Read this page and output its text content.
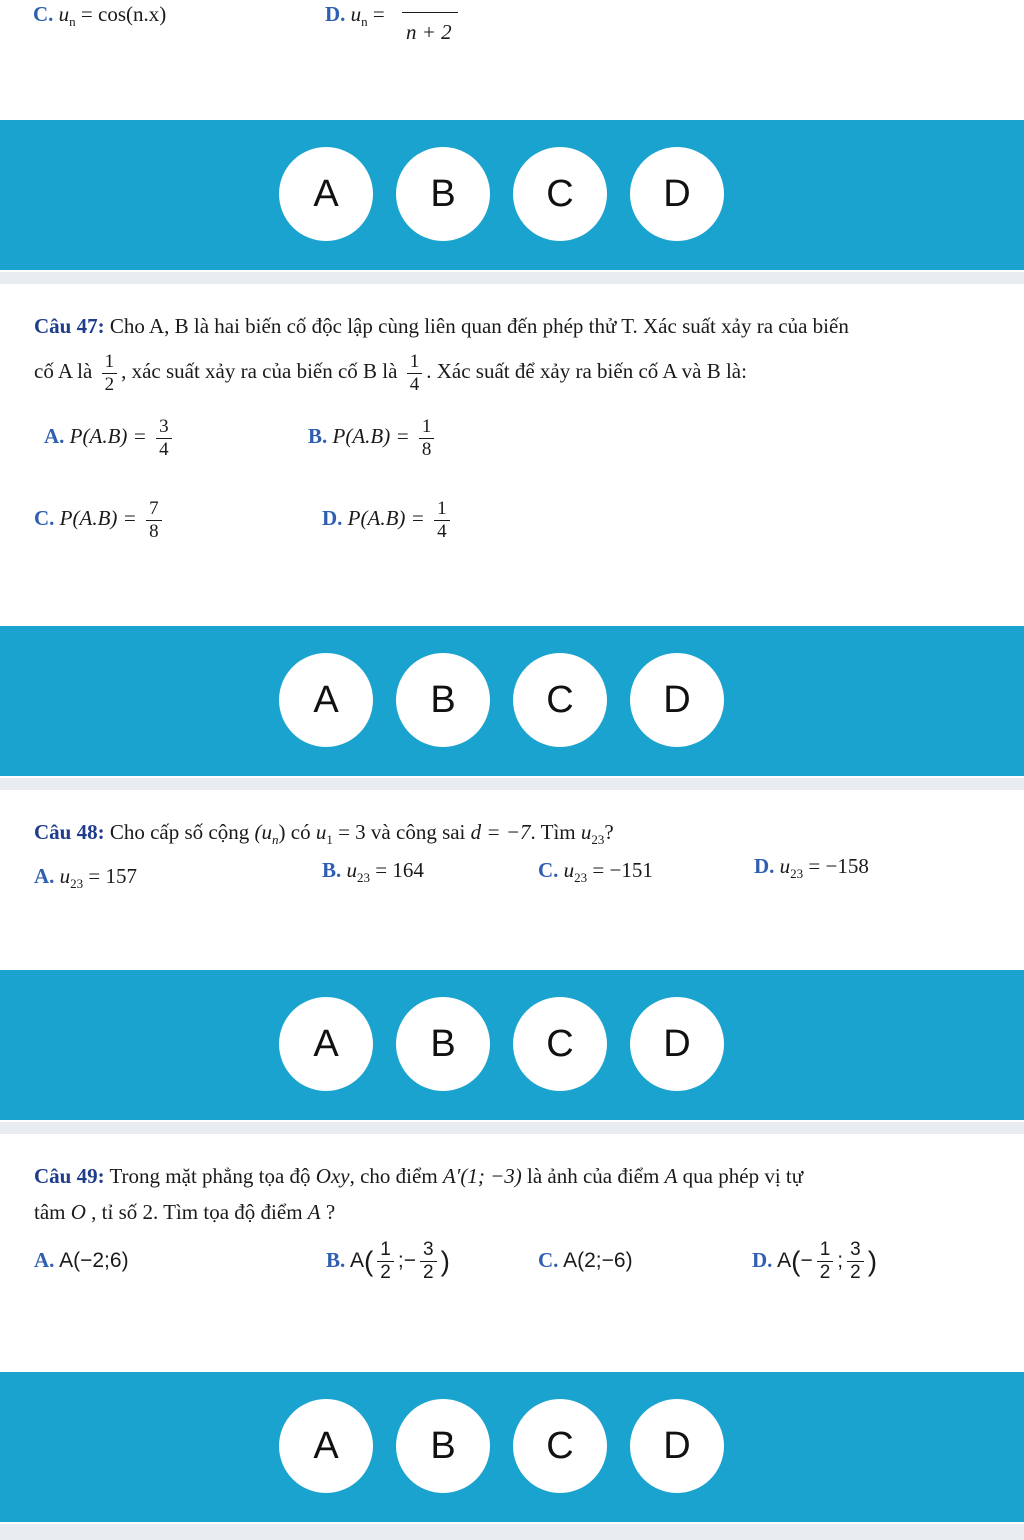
C. $u_n = \cos(n.x)$	D. $u_n$ =
n + 2
A	B	C	D
Câu 47: Cho A, B là hai biến cố độc lập cùng liên quan đến phép thử T. Xác suất xảy ra của biến
cố A là $\frac{1}{2}$ , xác suất xảy ra của biến cố B là $\frac{1}{4}$ . Xác suất để xảy ra biến cố A và B là:
A. $P(A.B) = \frac{3}{4}$	B. $P(A.B) = \frac{1}{8}$
C. $P(A.B) = \frac{7}{8}$	D. $P(A.B) = \frac{1}{4}$
A	B	C	D
Câu 48: Cho cấp số cộng $(u_n)$ có $u_1 = 3$ và công sai d = −7. Tìm $u_{23}$?
A. $u_{23} = 157$	B. $u_{23} = 164$	C. $u_{23} = -151$	D. $u_{23} = -158$
A	B	C	D
Câu 49: Trong mặt phẳng tọa độ Oxy, cho điểm A′(1; −3) là ảnh của điểm A qua phép vị tự
tâm O , tỉ số 2. Tìm tọa độ điểm A ?
A. A(−2;6)	B. $A( \frac{1}{2}$ ;− $\frac{3}{2}$ )	C. A(2;−6)	D. $A(- \frac{1}{2}$ ; $\frac{3}{2}$ )
A	B	C	D
